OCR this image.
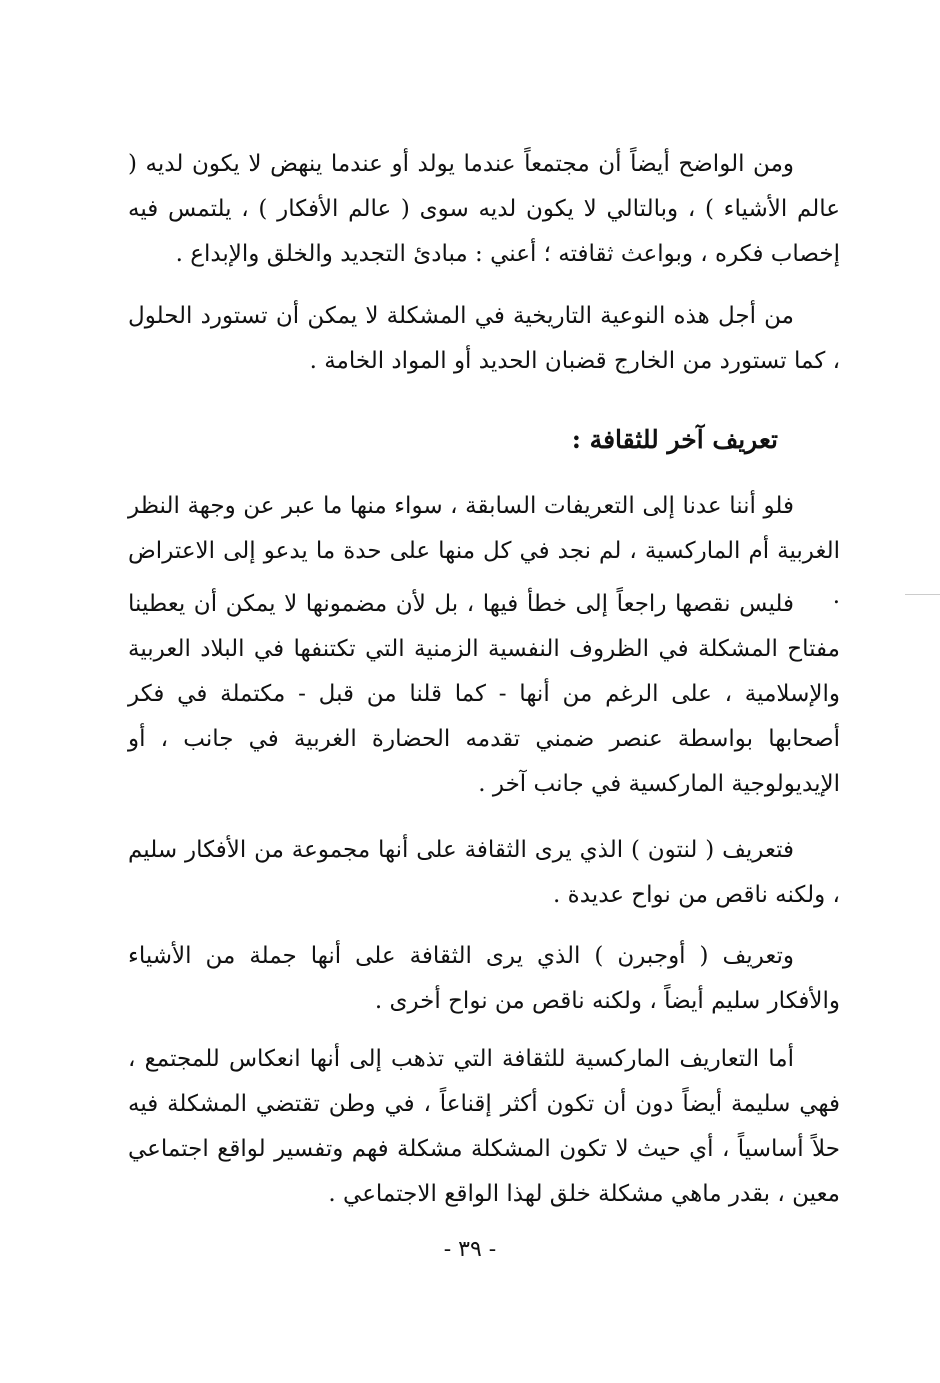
ومن الواضح أيضاً أن مجتمعاً عندما يولد أو عندما ينهض لا يكون لديه ( عالم الأشياء ) ، وبالتالي لا يكون لديه سوى ( عالم الأفكار ) ، يلتمس فيه إخصاب فكره ، وبواعث ثقافته ؛ أعني : مبادئ التجديد والخلق والإبداع .

من أجل هذه النوعية التاريخية في المشكلة لا يمكن أن تستورد الحلول ، كما تستورد من الخارج قضبان الحديد أو المواد الخامة .

تعريف آخر للثقافة :

فلو أننا عدنا إلى التعريفات السابقة ، سواء منها ما عبر عن وجهة النظر الغربية أم الماركسية ، لم نجد في كل منها على حدة ما يدعو إلى الاعتراض .

فليس نقصها راجعاً إلى خطأ فيها ، بل لأن مضمونها لا يمكن أن يعطينا مفتاح المشكلة في الظروف النفسية الزمنية التي تكتنفها في البلاد العربية والإسلامية ، على الرغم من أنها - كما قلنا من قبل - مكتملة في فكر أصحابها بواسطة عنصر ضمني تقدمه الحضارة الغربية في جانب ، أو الإيديولوجية الماركسية في جانب آخر .

فتعريف ( لنتون ) الذي يرى الثقافة على أنها مجموعة من الأفكار سليم ، ولكنه ناقص من نواح عديدة .

وتعريف ( أوجبرن ) الذي يرى الثقافة على أنها جملة من الأشياء والأفكار سليم أيضاً ، ولكنه ناقص من نواح أخرى .

أما التعاريف الماركسية للثقافة التي تذهب إلى أنها انعكاس للمجتمع ، فهي سليمة أيضاً دون أن تكون أكثر إقناعاً ، في وطن تقتضي المشكلة فيه حلاً أساسياً ، أي حيث لا تكون المشكلة مشكلة فهم وتفسير لواقع اجتماعي معين ، بقدر ماهي مشكلة خلق لهذا الواقع الاجتماعي .

- ٣٩ -
